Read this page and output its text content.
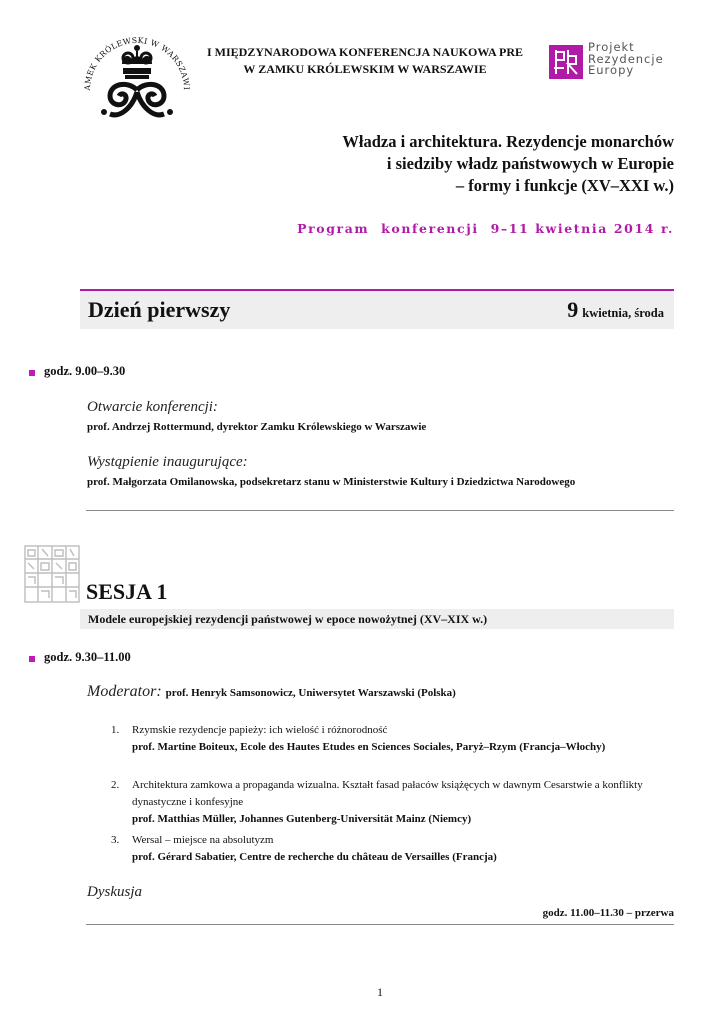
AMEK KRÓLEWSKI W WARSZAWI
I MIĘDZYNARODOWA KONFERENCJA NAUKOWA PRE
W ZAMKU KRÓLEWSKIM W WARSZAWIE
Projekt
Rezydencje
Europy
Władza i architektura. Rezydencje monarchów
i siedziby władz państwowych w Europie
– formy i funkcje (XV–XXI w.)
Program  konferencji  9–11 kwietnia 2014 r.
Dzień pierwszy	9 kwietnia, środa
godz. 9.00–9.30
Otwarcie konferencji:
prof. Andrzej Rottermund, dyrektor Zamku Królewskiego w Warszawie
Wystąpienie inaugurujące:
prof. Małgorzata Omilanowska, podsekretarz stanu w Ministerstwie Kultury i Dziedzictwa Narodowego
SESJA 1
Modele europejskiej rezydencji państwowej w epoce nowożytnej (XV–XIX w.)
godz. 9.30–11.00
Moderator: prof. Henryk Samsonowicz, Uniwersytet Warszawski (Polska)
1.	Rzymskie rezydencje papieży: ich wielość i różnorodność
prof. Martine Boiteux, Ecole des Hautes Etudes en Sciences Sociales, Paryż–Rzym (Francja–Włochy)
2.	Architektura zamkowa a propaganda wizualna. Kształt fasad pałaców książęcych w dawnym Cesarstwie a konflikty dynastyczne i konfesyjne
prof. Matthias Müller, Johannes Gutenberg-Universität Mainz (Niemcy)
3.	Wersal – miejsce na absolutyzm
prof. Gérard Sabatier, Centre de recherche du château de Versailles (Francja)
Dyskusja
godz. 11.00–11.30 – przerwa
1
